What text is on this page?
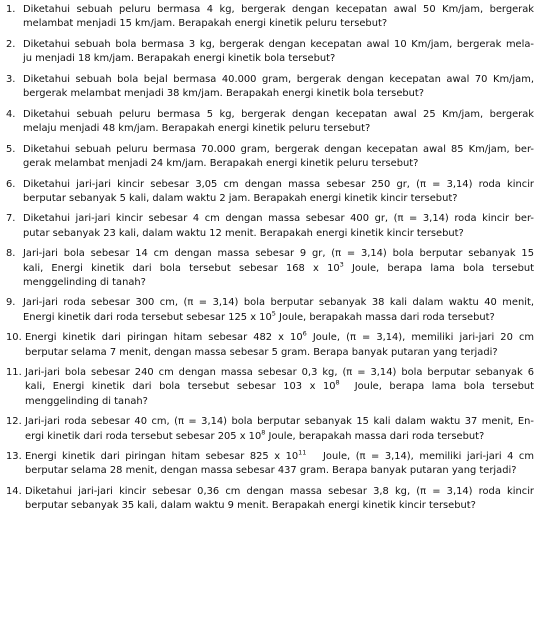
1. Diketahui sebuah peluru bermasa 4 kg, bergerak dengan kecepatan awal 50 Km/jam, bergerak
melambat menjadi 15 km/jam. Berapakah energi kinetik peluru tersebut?
2. Diketahui sebuah bola bermasa 3 kg, bergerak dengan kecepatan awal 10 Km/jam, bergerak mela-
ju menjadi 18 km/jam. Berapakah energi kinetik bola tersebut?
3. Diketahui sebuah bola bejal bermasa 40.000 gram, bergerak dengan kecepatan awal 70 Km/jam,
bergerak melambat menjadi 38 km/jam. Berapakah energi kinetik bola tersebut?
4. Diketahui sebuah peluru bermasa 5 kg, bergerak dengan kecepatan awal 25 Km/jam, bergerak
melaju menjadi 48 km/jam. Berapakah energi kinetik peluru tersebut?
5. Diketahui sebuah peluru bermasa 70.000 gram, bergerak dengan kecepatan awal 85 Km/jam, ber-
gerak melambat menjadi 24 km/jam. Berapakah energi kinetik peluru tersebut?
6. Diketahui jari-jari kincir sebesar 3,05 cm dengan massa sebesar 250 gr, (π = 3,14) roda kincir
berputar sebanyak 5 kali, dalam waktu 2 jam. Berapakah energi kinetik kincir tersebut?
7. Diketahui jari-jari kincir sebesar 4 cm dengan massa sebesar 400 gr, (π = 3,14) roda kincir ber-
putar sebanyak 23 kali, dalam waktu 12 menit. Berapakah energi kinetik kincir tersebut?
8. Jari-jari bola sebesar 14 cm dengan massa sebesar 9 gr, (π = 3,14) bola berputar sebanyak 15
kali, Energi kinetik dari bola tersebut sebesar 168 x $10^3$ Joule, berapa lama bola tersebut
menggelinding di tanah?
9. Jari-jari roda sebesar 300 cm, (π = 3,14) bola berputar sebanyak 38 kali dalam waktu 40 menit,
Energi kinetik dari roda tersebut sebesar 125 x $10^5$ Joule, berapakah massa dari roda tersebut?
10. Energi kinetik dari piringan hitam sebesar 482 x $10^6$ Joule, (π = 3,14), memiliki jari-jari 20 cm
berputar selama 7 menit, dengan massa sebesar 5 gram. Berapa banyak putaran yang terjadi?
11. Jari-jari bola sebesar 240 cm dengan massa sebesar 0,3 kg, (π = 3,14) bola berputar sebanyak 6
kali, Energi kinetik dari bola tersebut sebesar 103 x $10^8$  Joule, berapa lama bola tersebut
menggelinding di tanah?
12. Jari-jari roda sebesar 40 cm, (π = 3,14) bola berputar sebanyak 15 kali dalam waktu 37 menit, En-
ergi kinetik dari roda tersebut sebesar 205 x $10^8$ Joule, berapakah massa dari roda tersebut?
13. Energi kinetik dari piringan hitam sebesar 825 x $10^{11}$   Joule, (π = 3,14), memiliki jari-jari 4 cm
berputar selama 28 menit, dengan massa sebesar 437 gram. Berapa banyak putaran yang terjadi?
14. Diketahui jari-jari kincir sebesar 0,36 cm dengan massa sebesar 3,8 kg, (π = 3,14) roda kincir
berputar sebanyak 35 kali, dalam waktu 9 menit. Berapakah energi kinetik kincir tersebut?
